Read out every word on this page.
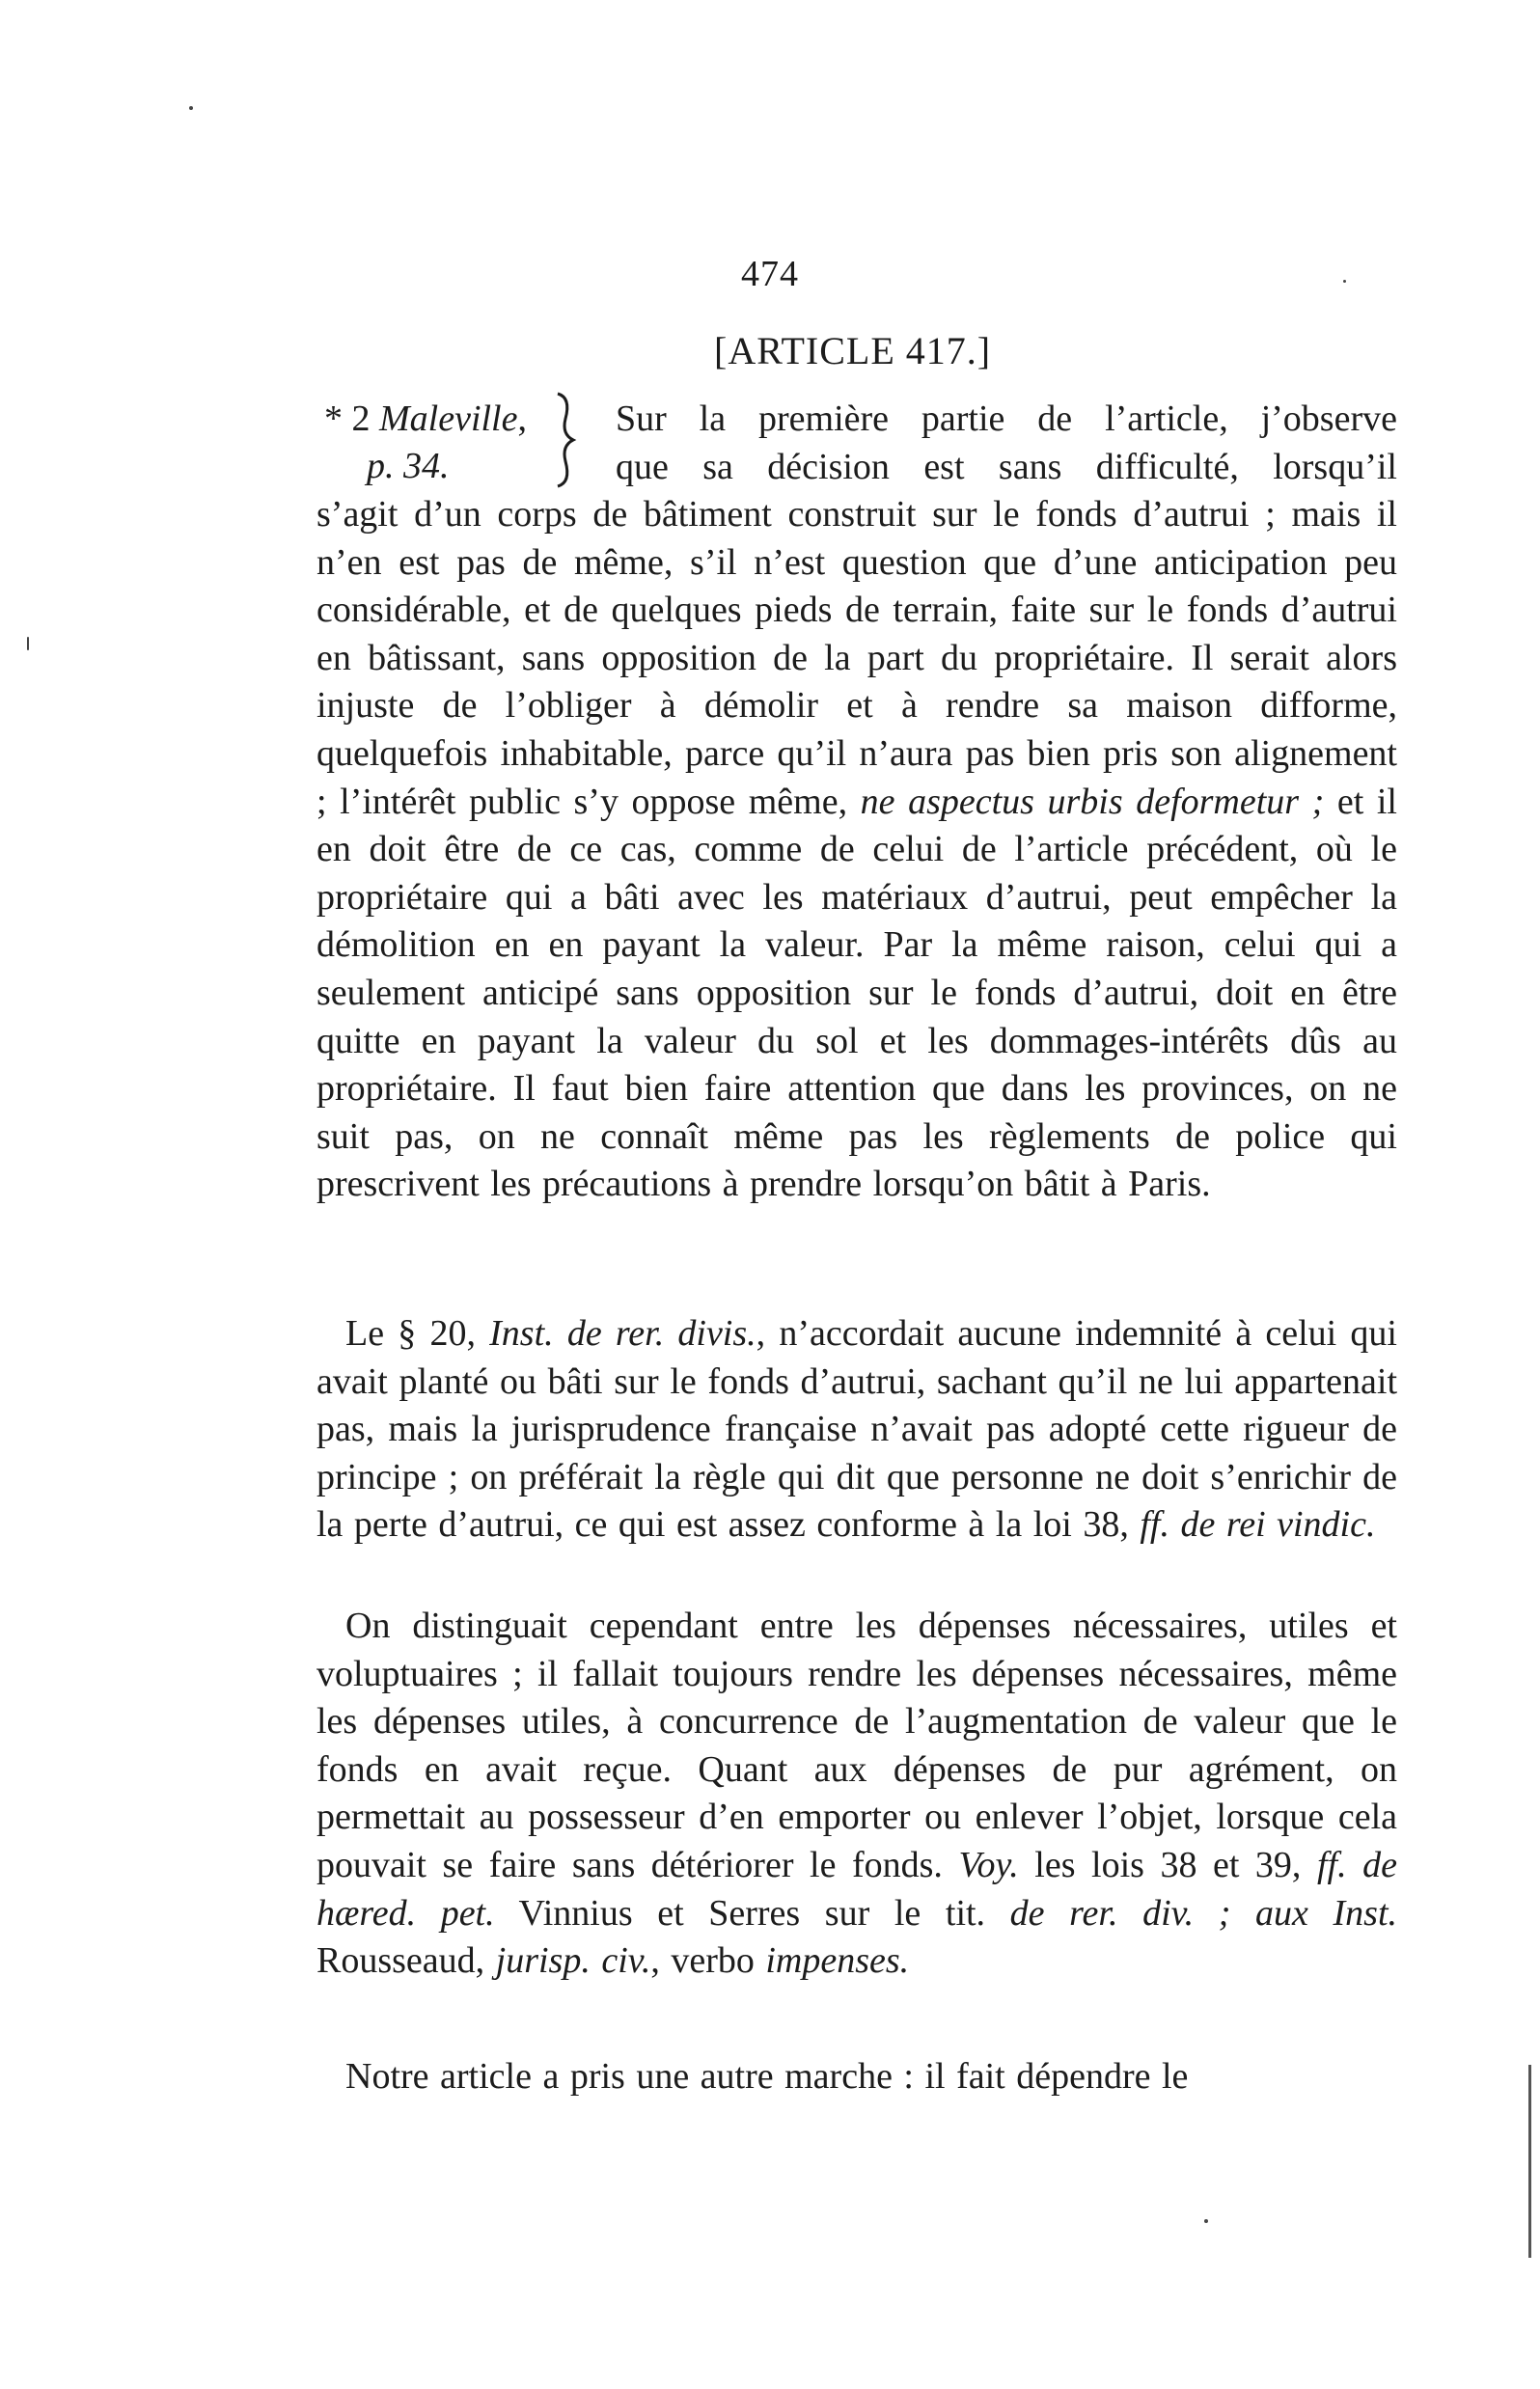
474
[ARTICLE 417.]
* 2 Maleville,
p. 34.
Sur la première partie de l’article, j’observe
que sa décision est sans difficulté, lorsqu’il

s’agit d’un corps de bâtiment construit sur le fonds d’autrui ; mais il n’en est pas de même, s’il n’est question que d’une anticipation peu considérable, et de quelques pieds de terrain, faite sur le fonds d’autrui en bâtissant, sans opposition de la part du propriétaire. Il serait alors injuste de l’obliger à démolir et à rendre sa maison difforme, quelquefois inhabitable, parce qu’il n’aura pas bien pris son alignement ; l’intérêt public s’y oppose même, ne aspectus urbis deformetur ; et il en doit être de ce cas, comme de celui de l’article précédent, où le propriétaire qui a bâti avec les matériaux d’autrui, peut empêcher la démolition en en payant la valeur. Par la même raison, celui qui a seulement anticipé sans opposition sur le fonds d’autrui, doit en être quitte en payant la valeur du sol et les dommages-intérêts dûs au propriétaire. Il faut bien faire attention que dans les provinces, on ne suit pas, on ne connaît même pas les règlements de police qui prescrivent les précautions à prendre lorsqu’on bâtit à Paris.

Le § 20, Inst. de rer. divis., n’accordait aucune indemnité à celui qui avait planté ou bâti sur le fonds d’autrui, sachant qu’il ne lui appartenait pas, mais la jurisprudence française n’avait pas adopté cette rigueur de principe ; on préférait la règle qui dit que personne ne doit s’enrichir de la perte d’autrui, ce qui est assez conforme à la loi 38, ff. de rei vindic.

On distinguait cependant entre les dépenses nécessaires, utiles et voluptuaires ; il fallait toujours rendre les dépenses nécessaires, même les dépenses utiles, à concurrence de l’augmentation de valeur que le fonds en avait reçue. Quant aux dépenses de pur agrément, on permettait au possesseur d’en emporter ou enlever l’objet, lorsque cela pouvait se faire sans détériorer le fonds. Voy. les lois 38 et 39, ff. de hæred. pet. Vinnius et Serres sur le tit. de rer. div. ; aux Inst. Rousseaud, jurisp. civ., verbo impenses.

Notre article a pris une autre marche : il fait dépendre le
